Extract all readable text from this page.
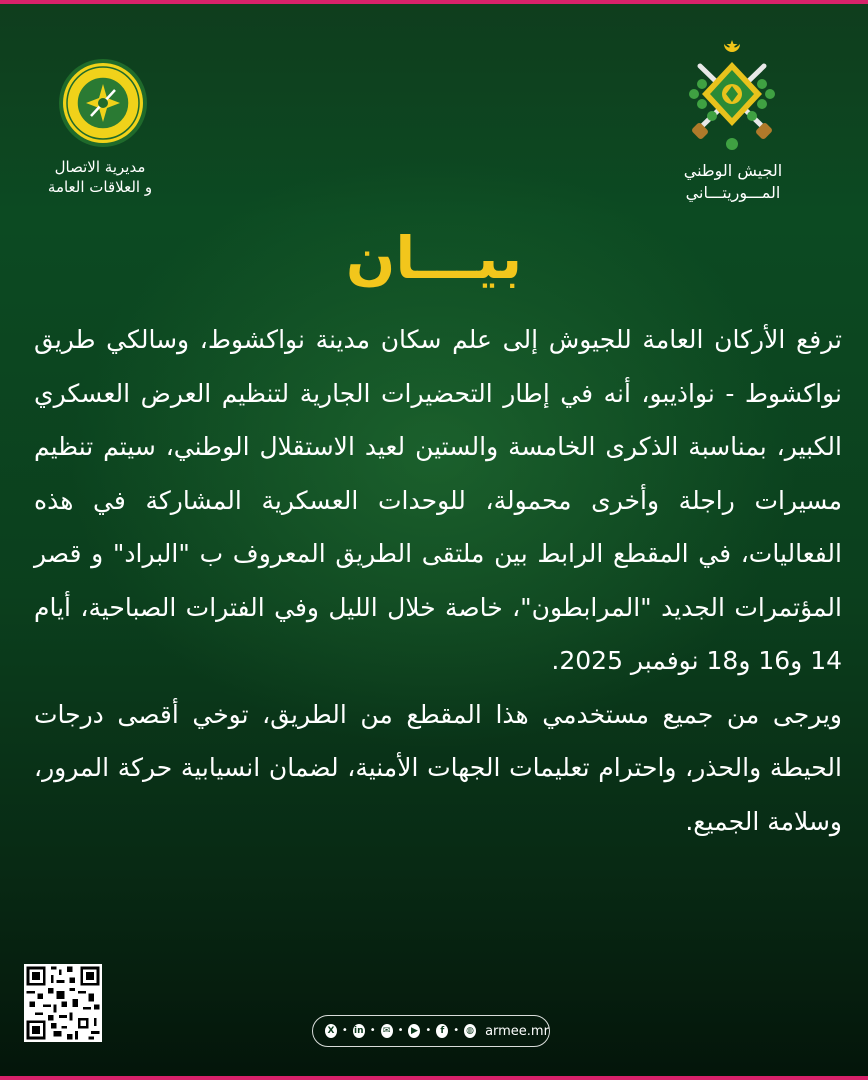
مديرية الاتصال
و العلاقات العامة
الجيش الوطني
المـــوريتـــاني
بيـــان

ترفع الأركان العامة للجيوش إلى علم سكان مدينة نواكشوط، وسالكي طريق نواكشوط - نواذيبو، أنه في إطار التحضيرات الجارية لتنظيم العرض العسكري الكبير، بمناسبة الذكرى الخامسة والستين لعيد الاستقلال الوطني، سيتم تنظيم مسيرات راجلة وأخرى محمولة، للوحدات العسكرية المشاركة في هذه الفعاليات، في المقطع الرابط بين ملتقى الطريق المعروف ب "البراد" و قصر المؤتمرات الجديد "المرابطون"، خاصة خلال الليل وفي الفترات الصباحية، أيام 14 و16 و18 نوفمبر 2025.

ويرجى من جميع مستخدمي هذا المقطع من الطريق، توخي أقصى درجات الحيطة والحذر، واحترام تعليمات الجهات الأمنية، لضمان انسيابية حركة المرور، وسلامة الجميع.

X • in • ✉ • ▶ •	f • ◍ armee.mr
